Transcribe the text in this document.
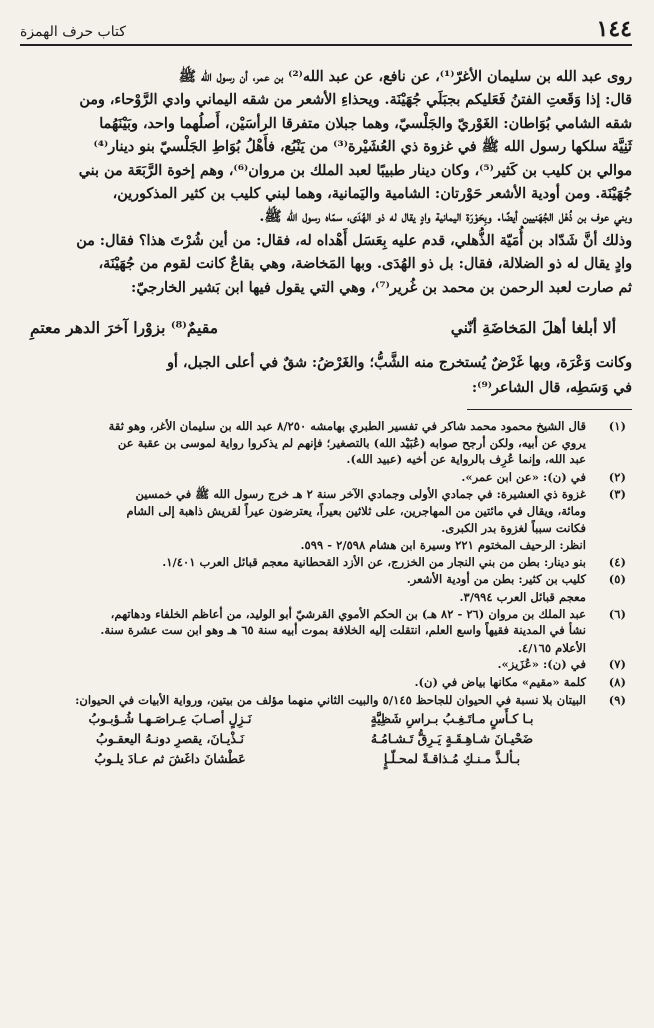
١٤٤
كتاب حرف الهمزة

روى عبد الله بن سليمان الأغرّ⁽¹⁾، عن نافع، عن عبد الله⁽²⁾ بن عمر، أن رسول الله ﷺ

قال: إذا وَقَعتِ الفتنُ فَعَليكم بجبَلَي جُهَيْنَة. ويحذاءِ الأشعر من شقه اليماني وادي الرَّوْحاء، ومن

شقه الشامي بُوَاطان: الغَوْريّ والجَلْسيّ، وهما جبلان متفرقا الرأسَيْن، أَصلُهما واحد، وبَيْنَهُما

ثَنِيَّة سلكها رسول الله ﷺ في غزوة ذي العُشَيْرة⁽³⁾ من يَنْبُع، فأَهْلُ بُوَاطِ الجَلْسيّ بنو دينار⁽⁴⁾

موالي بن كليب بن كَثير⁽⁵⁾، وكان دينار طبيبًا لعبد الملك بن مروان⁽⁶⁾، وهم إخوة الرَّبَعَة من بني

جُهَيْنَة. ومن أودية الأشعر حَوْرتان: الشامية واليَمانية، وهما لبني كليب بن كثير المذكورين،

وبني عوف بن ذُهْل الجُهَنيين أيضًا. وبِحَوْرَة اليمانية وادٍ يقال له ذو الهُدَى، سمّاه رسول الله ﷺ.

وذلك أنَّ شَدّاد بن أُمَيّة الذُّهلي، قدم عليه بِعَسَل أَهْداه له، فقال: من أين شُرْتَ هذا؟ فقال: من

وادٍ يقال له ذو الضلالة، فقال: بل ذو الهُدَى. وبها المَخاضة، وهي بقاعٌ كانت لقوم من جُهَيْنَة،

ثم صارت لعبد الرحمن بن محمد بن غُرير⁽⁷⁾، وهي التي يقول فيها ابن بَشير الخارجيّ:

ألا أبلغا أهلَ المَخاضَةِ أنّني
مقيمٌ⁽⁸⁾ بزوْرا آخرَ الدهر معتمِ

وكانت وَعْرَة، وبها غَرْضٌ يُستخرج منه الشَّبُّ؛ والغَرْضُ: شقٌ في أعلى الجبل، أو

في وَسَطِه، قال الشاعر⁽⁹⁾:

(١)
قال الشيخ محمود محمد شاكر في تفسير الطبري بهامشه ٨/٢٥٠ عبد الله بن سليمان الأغر، وهو ثقة
يروي عن أبيه، ولكن أرجح صوابه (عُبَيْد الله) بالتصغير؛ فإنهم لم يذكروا رواية لموسى بن عقبة عن
عبد الله، وإنما عُرِف بالرواية عن أخيه (عبيد الله).
(٢)
في (ن): «عن ابن عمر».
(٣)
غزوة ذي العشيرة: في جمادي الأولى وجمادي الآخر سنة ٢ هـ خرج رسول الله ﷺ في خمسين
ومائة، ويقال في مائتين من المهاجرين، على ثلاثين بعيراً، يعترضون عيراً لقريش ذاهبة إلى الشام
فكانت سبباً لغزوة بدر الكبرى.
انظر: الرحيف المختوم ٢٢١ وسيرة ابن هشام ٢/٥٩٨ - ٥٩٩.
(٤)
بنو دينار: بطن من بني النجار من الخزرج، عن الأزد القحطانية معجم قبائل العرب ١/٤٠١.
(٥)
كليب بن كثير: بطن من أودية الأشعر.
معجم قبائل العرب ٣/٩٩٤.
(٦)
عبد الملك بن مروان (٢٦ - ٨٢ هـ) بن الحكم الأموي القرشيّ أبو الوليد، من أعاظم الخلفاء ودهاتهم،
نشأ في المدينة فقيهاً واسع العلم، انتقلت إليه الخلافة بموت أبيه سنة ٦٥ هـ وهو ابن ست عشرة سنة.
الأعلام ٤/١٦٥.
(٧)
في (ن): «عُزَيز».
(٨)
كلمة «مقيم» مكانها بياض في (ن).
(٩)
البيتان بلا نسبة في الحيوان للجاحظ ٥/١٤٥ والبيت الثاني منهما مؤلف من بيتين، ورواية الأبيات في الحيوان:
بـا كـأَسٍ مـاتَـغِـبُ بـراسِ شَظِيَّةٍ
نَـزِلٍ أصـابَ عِـراصَـهـا شُـؤبـوبُ
ضَحْيـانَ شـاهِـقَـةٍ يَـرِقُّ تَـشـامُـهُ
نَـذْيـانَ، يقصرِ دونـهُ اليعقـوبُ
بـألـذَّ مـنـكِ مُـذاقـةً لمحـلّـإٍ
عَطْشانَ داغَشَ ثم عـادَ يلـوبُ
